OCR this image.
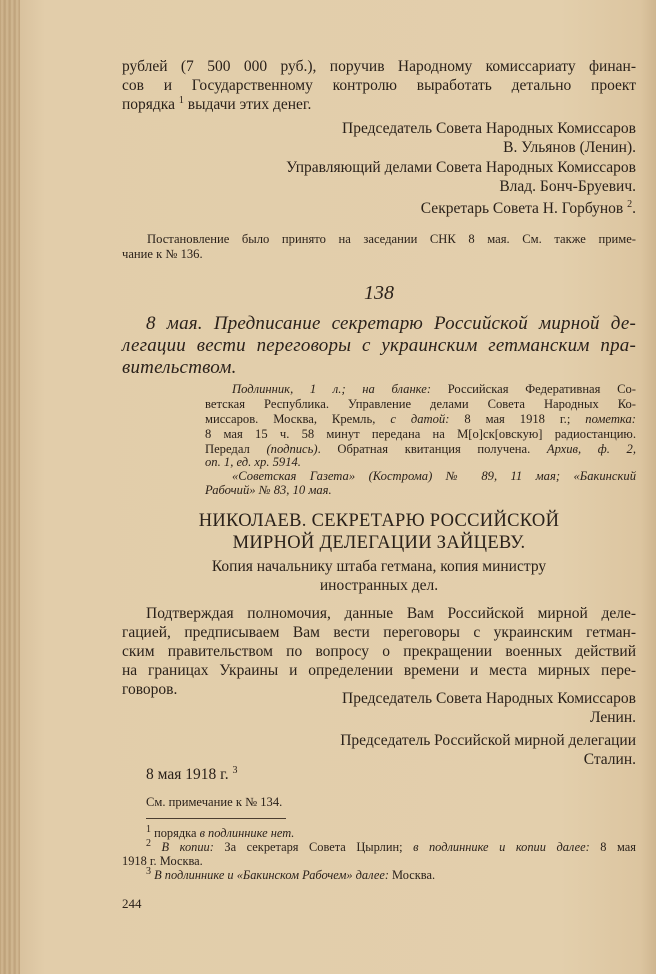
рублей (7 500 000 руб.), поручив Народному комиссариату финан-
сов и Государственному контролю выработать детально проект
порядка $^1$ выдачи этих денег.
Председатель Совета Народных Комиссаров
В. Ульянов (Ленин).
Управляющий делами Совета Народных Комиссаров
Влад. Бонч-Бруевич.
Секретарь Совета Н. Горбунов $^2$.
Постановление было принято на заседании СНК 8 мая. См. также приме-
чание к № 136.
138
8 мая. Предписание секретарю Российской мирной де-
легации вести переговоры с украинским гетманским пра-
вительством.
Подлинник, 1 л.; на бланке: Российская Федеративная Со-
ветская Республика. Управление делами Совета Народных Ко-
миссаров. Москва, Кремль, с датой: 8 мая 1918 г.; пометка:
8 мая 15 ч. 58 минут передана на М[о]ск[овскую] радиостанцию.
Передал (подпись). Обратная квитанция получена. Архив, ф. 2,
оп. 1, ед. хр. 5914.
«Советская Газета» (Кострома) № 89, 11 мая; «Бакинский
Рабочий» № 83, 10 мая.
НИКОЛАЕВ. СЕКРЕТАРЮ РОССИЙСКОЙ
МИРНОЙ ДЕЛЕГАЦИИ ЗАЙЦЕВУ.
Копия начальнику штаба гетмана, копия министру
иностранных дел.
Подтверждая полномочия, данные Вам Российской мирной деле-
гацией, предписываем Вам вести переговоры с украинским гетман-
ским правительством по вопросу о прекращении военных действий
на границах Украины и определении времени и места мирных пере-
говоров.
Председатель Совета Народных Комиссаров
Ленин.
Председатель Российской мирной делегации
Сталин.
8 мая 1918 г. $^3$
См. примечание к № 134.
$^1$ порядка в подлиннике нет.
$^2$ В копии: За секретаря Совета Цырлин; в подлиннике и копии далее: 8 мая
1918 г. Москва.
$^3$ В подлиннике и «Бакинском Рабочем» далее: Москва.
244
